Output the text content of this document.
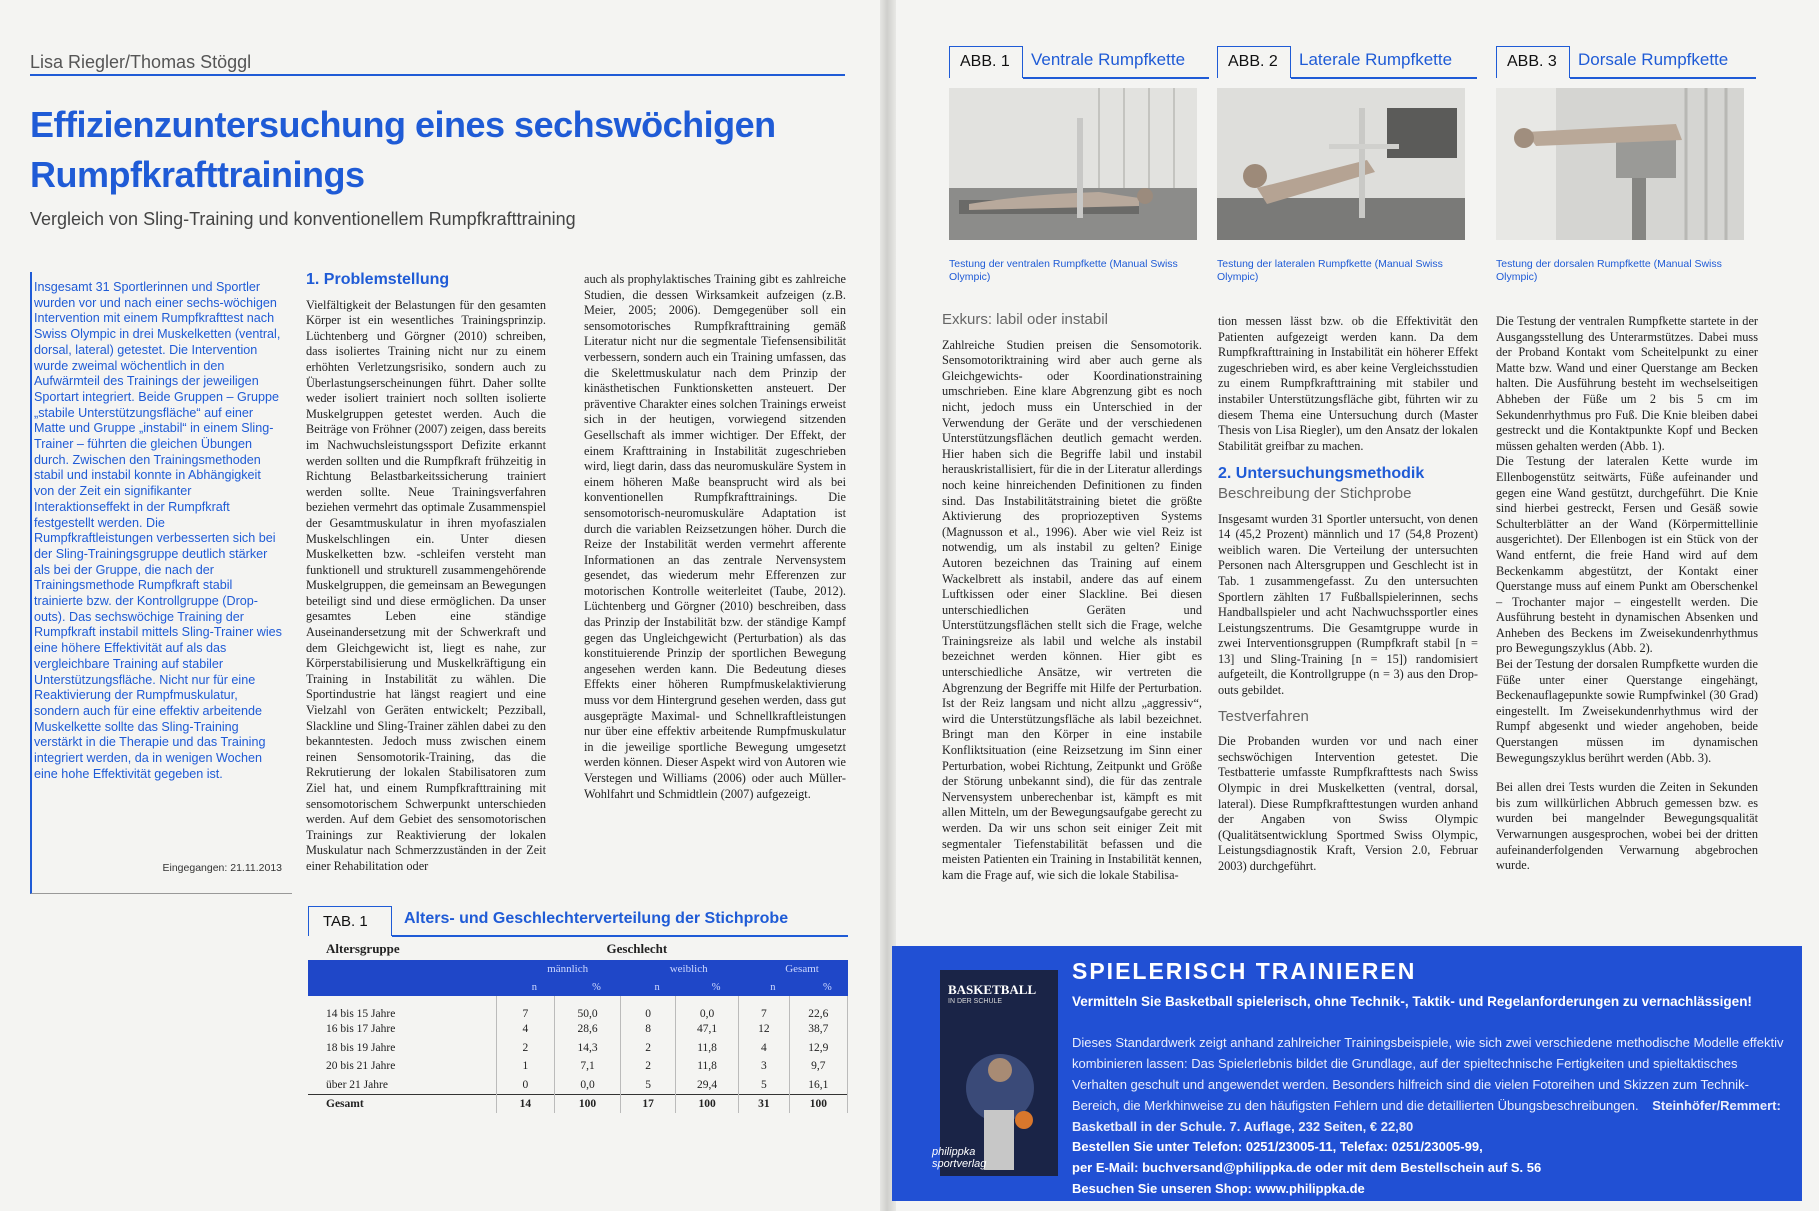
Lisa Riegler/Thomas Stöggl
Effizienzuntersuchung eines sechswöchigen
Rumpfkrafttrainings
Vergleich von Sling-Training und konventionellem Rumpfkrafttraining
Insgesamt 31 Sportlerinnen und Sportler wurden vor und nach einer sechs-wöchigen Intervention mit einem Rumpfkrafttest nach Swiss Olympic in drei Muskelketten (ventral, dorsal, lateral) getestet. Die Intervention wurde zweimal wöchentlich in den Aufwärmteil des Trainings der jeweiligen Sportart integriert. Beide Gruppen – Gruppe „stabile Unterstützungsfläche“ auf einer Matte und Gruppe „instabil“ in einem Sling-Trainer – führten die gleichen Übungen durch. Zwischen den Trainingsmethoden stabil und instabil konnte in Abhängigkeit von der Zeit ein signifikanter Interaktionseffekt in der Rumpfkraft festgestellt werden. Die Rumpfkraftleistungen verbesserten sich bei der Sling-Trainingsgruppe deutlich stärker als bei der Gruppe, die nach der Trainingsmethode Rumpfkraft stabil trainierte bzw. der Kontrollgruppe (Drop-outs). Das sechswöchige Training der Rumpfkraft instabil mittels Sling-Trainer wies eine höhere Effektivität auf als das vergleichbare Training auf stabiler Unterstützungsfläche. Nicht nur für eine Reaktivierung der Rumpfmuskulatur, sondern auch für eine effektiv arbeitende Muskelkette sollte das Sling-Training verstärkt in die Therapie und das Training integriert werden, da in wenigen Wochen eine hohe Effektivität gegeben ist.
Eingegangen: 21.11.2013
1. Problemstellung

Vielfältigkeit der Belastungen für den gesamten Körper ist ein wesentliches Trainingsprinzip. Lüchtenberg und Görgner (2010) schreiben, dass isoliertes Training nicht nur zu einem erhöhten Verletzungsrisiko, sondern auch zu Überlastungserscheinungen führt. Daher sollte weder isoliert trainiert noch sollten isolierte Muskelgruppen getestet werden. Auch die Beiträge von Fröhner (2007) zeigen, dass bereits im Nachwuchsleistungssport Defizite erkannt werden sollten und die Rumpfkraft frühzeitig in Richtung Belastbarkeitssicherung trainiert werden sollte. Neue Trainingsverfahren beziehen vermehrt das optimale Zusammenspiel der Gesamtmuskulatur in ihren myofaszialen Muskelschlingen ein. Unter diesen Muskelketten bzw. -schleifen versteht man funktionell und strukturell zusammengehörende Muskelgruppen, die gemeinsam an Bewegungen beteiligt sind und diese ermöglichen. Da unser gesamtes Leben eine ständige Auseinandersetzung mit der Schwerkraft und dem Gleichgewicht ist, liegt es nahe, zur Körperstabilisierung und Muskelkräftigung ein Training in Instabilität zu wählen. Die Sportindustrie hat längst reagiert und eine Vielzahl von Geräten entwickelt; Pezziball, Slackline und Sling-Trainer zählen dabei zu den bekanntesten. Jedoch muss zwischen einem reinen Sensomotorik-Training, das die Rekrutierung der lokalen Stabilisatoren zum Ziel hat, und einem Rumpfkrafttraining mit sensomotorischem Schwerpunkt unterschieden werden. Auf dem Gebiet des sensomotorischen Trainings zur Reaktivierung der lokalen Muskulatur nach Schmerzzuständen in der Zeit einer Rehabilitation oder

auch als prophylaktisches Training gibt es zahlreiche Studien, die dessen Wirksamkeit aufzeigen (z.B. Meier, 2005; 2006). Demgegenüber soll ein sensomotorisches Rumpfkrafttraining gemäß Literatur nicht nur die segmentale Tiefensensibilität verbessern, sondern auch ein Training umfassen, das die Skelettmuskulatur nach dem Prinzip der kinästhetischen Funktionsketten ansteuert. Der präventive Charakter eines solchen Trainings erweist sich in der heutigen, vorwiegend sitzenden Gesellschaft als immer wichtiger. Der Effekt, der einem Krafttraining in Instabilität zugeschrieben wird, liegt darin, dass das neuromuskuläre System in einem höheren Maße beansprucht wird als bei konventionellen Rumpfkrafttrainings. Die sensomotorisch-neuromuskuläre Adaptation ist durch die variablen Reizsetzungen höher. Durch die Reize der Instabilität werden vermehrt afferente Informationen an das zentrale Nervensystem gesendet, das wiederum mehr Efferenzen zur motorischen Kontrolle weiterleitet (Taube, 2012). Lüchtenberg und Görgner (2010) beschreiben, dass das Prinzip der Instabilität bzw. der ständige Kampf gegen das Ungleichgewicht (Perturbation) als das konstituierende Prinzip der sportlichen Bewegung angesehen werden kann. Die Bedeutung dieses Effekts einer höheren Rumpfmuskelaktivierung muss vor dem Hintergrund gesehen werden, dass gut ausgeprägte Maximal- und Schnellkraftleistungen nur über eine effektiv arbeitende Rumpfmuskulatur in die jeweilige sportliche Bewegung umgesetzt werden können. Dieser Aspekt wird von Autoren wie Verstegen und Williams (2006) oder auch Müller-Wohlfahrt und Schmidtlein (2007) aufgezeigt.

TAB. 1	Alters- und Geschlechterverteilung der Stichprobe
Altersgruppe	Geschlecht					
	männlich		weiblich		Gesamt	
	n	%	n	%	n	%
14 bis 15 Jahre	7	50,0	0	0,0	7	22,6
16 bis 17 Jahre	4	28,6	8	47,1	12	38,7
18 bis 19 Jahre	2	14,3	2	11,8	4	12,9
20 bis 21 Jahre	1	7,1	2	11,8	3	9,7
über 21 Jahre	0	0,0	5	29,4	5	16,1
Gesamt	14	100	17	100	31	100
ABB. 1	Ventrale Rumpfkette
Testung der ventralen Rumpfkette (Manual Swiss Olympic)
ABB. 2	Laterale Rumpfkette
Testung der lateralen Rumpfkette (Manual Swiss Olympic)
ABB. 3	Dorsale Rumpfkette
Testung der dorsalen Rumpfkette (Manual Swiss Olympic)
Exkurs: labil oder instabil

Zahlreiche Studien preisen die Sensomotorik. Sensomotoriktraining wird aber auch gerne als Gleichgewichts- oder Koordinationstraining umschrieben. Eine klare Abgrenzung gibt es noch nicht, jedoch muss ein Unterschied in der Verwendung der Geräte und der verschiedenen Unterstützungsflächen deutlich gemacht werden. Hier haben sich die Begriffe labil und instabil herauskristallisiert, für die in der Literatur allerdings noch keine hinreichenden Definitionen zu finden sind. Das Instabilitätstraining bietet die größte Aktivierung des propriozeptiven Systems (Magnusson et al., 1996). Aber wie viel Reiz ist notwendig, um als instabil zu gelten? Einige Autoren bezeichnen das Training auf einem Wackelbrett als instabil, andere das auf einem Luftkissen oder einer Slackline. Bei diesen unterschiedlichen Geräten und Unterstützungsflächen stellt sich die Frage, welche Trainingsreize als labil und welche als instabil bezeichnet werden können. Hier gibt es unterschiedliche Ansätze, wir vertreten die Abgrenzung der Begriffe mit Hilfe der Perturbation. Ist der Reiz langsam und nicht allzu „aggressiv“, wird die Unterstützungsfläche als labil bezeichnet. Bringt man den Körper in eine instabile Konfliktsituation (eine Reizsetzung im Sinn einer Perturbation, wobei Richtung, Zeitpunkt und Größe der Störung unbekannt sind), die für das zentrale Nervensystem unberechenbar ist, kämpft es mit allen Mitteln, um der Bewegungsaufgabe gerecht zu werden. Da wir uns schon seit einiger Zeit mit segmentaler Tiefenstabilität befassen und die meisten Patienten ein Training in Instabilität kennen, kam die Frage auf, wie sich die lokale Stabilisa-

tion messen lässt bzw. ob die Effektivität den Patienten aufgezeigt werden kann. Da dem Rumpfkrafttraining in Instabilität ein höherer Effekt zugeschrieben wird, es aber keine Vergleichsstudien zu einem Rumpfkrafttraining mit stabiler und instabiler Unterstützungsfläche gibt, führten wir zu diesem Thema eine Untersuchung durch (Master Thesis von Lisa Riegler), um den Ansatz der lokalen Stabilität greifbar zu machen.

2. Untersuchungsmethodik
Beschreibung der Stichprobe

Insgesamt wurden 31 Sportler untersucht, von denen 14 (45,2 Prozent) männlich und 17 (54,8 Prozent) weiblich waren. Die Verteilung der untersuchten Personen nach Altersgruppen und Geschlecht ist in Tab. 1 zusammengefasst. Zu den untersuchten Sportlern zählten 17 Fußballspielerinnen, sechs Handballspieler und acht Nachwuchssportler eines Leistungszentrums. Die Gesamtgruppe wurde in zwei Interventionsgruppen (Rumpfkraft stabil [n = 13] und Sling-Training [n = 15]) randomisiert aufgeteilt, die Kontrollgruppe (n = 3) aus den Drop-outs gebildet.

Testverfahren

Die Probanden wurden vor und nach einer sechswöchigen Intervention getestet. Die Testbatterie umfasste Rumpfkrafttests nach Swiss Olympic in drei Muskelketten (ventral, dorsal, lateral). Diese Rumpfkrafttestungen wurden anhand der Angaben von Swiss Olympic (Qualitätsentwicklung Sportmed Swiss Olympic, Leistungsdiagnostik Kraft, Version 2.0, Februar 2003) durchgeführt.

Die Testung der ventralen Rumpfkette startete in der Ausgangsstellung des Unterarmstützes. Dabei muss der Proband Kontakt vom Scheitelpunkt zu einer Matte bzw. Wand und einer Querstange am Becken halten. Die Ausführung besteht im wechselseitigen Abheben der Füße um 2 bis 5 cm im Sekundenrhythmus pro Fuß. Die Knie bleiben dabei gestreckt und die Kontaktpunkte Kopf und Becken müssen gehalten werden (Abb. 1).

Die Testung der lateralen Kette wurde im Ellenbogenstütz seitwärts, Füße aufeinander und gegen eine Wand gestützt, durchgeführt. Die Knie sind hierbei gestreckt, Fersen und Gesäß sowie Schulterblätter an der Wand (Körpermittellinie ausgerichtet). Der Ellenbogen ist ein Stück von der Wand entfernt, die freie Hand wird auf dem Beckenkamm abgestützt, der Kontakt einer Querstange muss auf einem Punkt am Oberschenkel – Trochanter major – eingestellt werden. Die Ausführung besteht in dynamischen Absenken und Anheben des Beckens im Zweisekundenrhythmus pro Bewegungszyklus (Abb. 2).

Bei der Testung der dorsalen Rumpfkette wurden die Füße unter einer Querstange eingehängt, Beckenauflagepunkte sowie Rumpfwinkel (30 Grad) eingestellt. Im Zweisekundenrhythmus wird der Rumpf abgesenkt und wieder angehoben, beide Querstangen müssen im dynamischen Bewegungszyklus berührt werden (Abb. 3).

Bei allen drei Tests wurden die Zeiten in Sekunden bis zum willkürlichen Abbruch gemessen bzw. es wurden bei mangelnder Bewegungsqualität Verwarnungen ausgesprochen, wobei bei der dritten aufeinanderfolgenden Verwarnung abgebrochen wurde.

BASKETBALL
IN DER SCHULE
SPIELERISCH TRAINIEREN
Vermitteln Sie Basketball spielerisch, ohne Technik-, Taktik- und Regelanforderungen zu vernachlässigen!
Dieses Standardwerk zeigt anhand zahlreicher Trainingsbeispiele, wie sich zwei verschiedene methodische Modelle effektiv kombinieren lassen: Das Spielerlebnis bildet die Grundlage, auf der spieltechnische Fertigkeiten und spieltaktisches Verhalten geschult und angewendet werden. Besonders hilfreich sind die vielen Fotoreihen und Skizzen zum Technik-Bereich, die Merkhinweise zu den häufigsten Fehlern und die detaillierten Übungsbeschreibungen. Steinhöfer/Remmert: Basketball in der Schule. 7. Auflage, 232 Seiten, € 22,80
Bestellen Sie unter Telefon: 0251/23005-11, Telefax: 0251/23005-99,
per E-Mail: buchversand@philippka.de oder mit dem Bestellschein auf S. 56
Besuchen Sie unseren Shop: www.philippka.de
philippka
sportverlag
